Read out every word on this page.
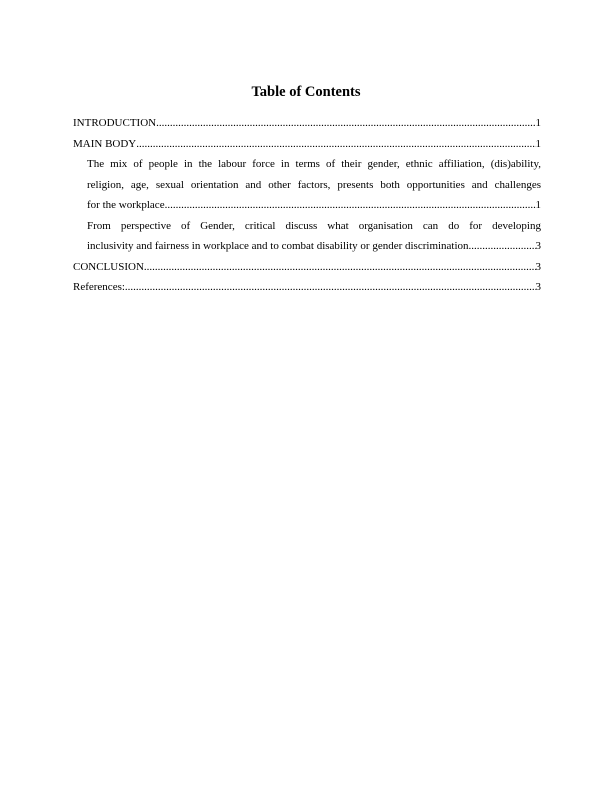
Table of Contents
INTRODUCTION .....	1
MAIN BODY .....	1
The mix of people in the labour force in terms of their gender, ethnic affiliation, (dis)ability,
religion, age, sexual orientation and other factors, presents both opportunities and challenges
for the workplace .....	1
From perspective of Gender, critical discuss what organisation can do for developing
inclusivity and fairness in workplace and to combat disability or gender discrimination .....	3
CONCLUSION .....	3
References: .....	3
